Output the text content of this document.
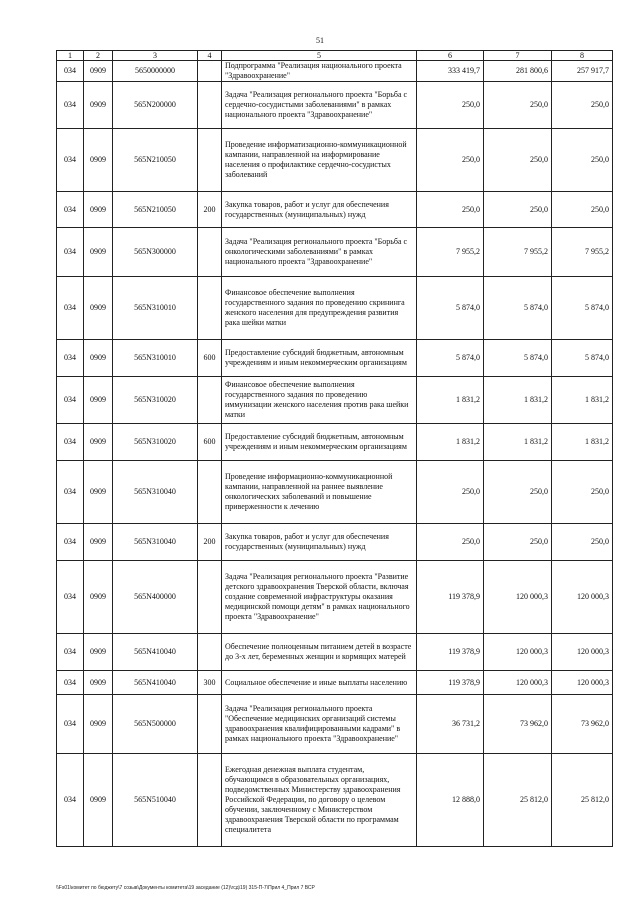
51
1	2	3	4	5	6	7	8
034	0909	5650000000		Подпрограмма "Реализация национального проекта "Здравоохранение"	333 419,7	281 800,6	257 917,7
034	0909	565N200000		Задача "Реализация регионального проекта "Борьба с сердечно-сосудистыми заболеваниями" в рамках национального проекта "Здравоохранение"	250,0	250,0	250,0
034	0909	565N210050		Проведение информатизационно-коммуникационной кампании, направленной на информирование населения о профилактике сердечно-сосудистых заболеваний	250,0	250,0	250,0
034	0909	565N210050	200	Закупка товаров, работ и услуг для обеспечения государственных (муниципальных) нужд	250,0	250,0	250,0
034	0909	565N300000		Задача "Реализация регионального проекта "Борьба с онкологическими заболеваниями" в рамках национального проекта "Здравоохранение"	7 955,2	7 955,2	7 955,2
034	0909	565N310010		Финансовое обеспечение выполнения государственного задания по проведению скрининга женского населения для предупреждения развития рака шейки матки	5 874,0	5 874,0	5 874,0
034	0909	565N310010	600	Предоставление субсидий бюджетным, автономным учреждениям и иным некоммерческим организациям	5 874,0	5 874,0	5 874,0
034	0909	565N310020		Финансовое обеспечение выполнения государственного задания по проведению иммунизации женского населения против рака шейки матки	1 831,2	1 831,2	1 831,2
034	0909	565N310020	600	Предоставление субсидий бюджетным, автономным учреждениям и иным некоммерческим организациям	1 831,2	1 831,2	1 831,2
034	0909	565N310040		Проведение информационно-коммуникационной кампании, направленной на раннее выявление онкологических заболеваний и повышение приверженности к лечению	250,0	250,0	250,0
034	0909	565N310040	200	Закупка товаров, работ и услуг для обеспечения государственных (муниципальных) нужд	250,0	250,0	250,0
034	0909	565N400000		Задача "Реализация регионального проекта "Развитие детского здравоохранения Тверской области, включая создание современной инфраструктуры оказания медицинской помощи детям" в рамках национального проекта "Здравоохранение"	119 378,9	120 000,3	120 000,3
034	0909	565N410040		Обеспечение полноценным питанием детей в возрасте до 3-х лет, беременных женщин и кормящих матерей	119 378,9	120 000,3	120 000,3
034	0909	565N410040	300	Социальное обеспечение и иные выплаты населению	119 378,9	120 000,3	120 000,3
034	0909	565N500000		Задача "Реализация регионального проекта "Обеспечение медицинских организаций системы здравоохранения квалифицированными кадрами" в рамках национального проекта "Здравоохранение"	36 731,2	73 962,0	73 962,0
034	0909	565N510040		Ежегодная денежная выплата студентам, обучающимся в образовательных организациях, подведомственных Министерству здравоохранения Российской Федерации, по договору о целевом обучении, заключенному с Министерством здравоохранения Тверской области по программам специалитета	12 888,0	25 812,0	25 812,0
\\Fs01\комитет по бюджету\7 созыв\Документы комитета\19 заседание (12)\гсд\19) 315-П-7\Прил 4_Прил 7 ВСР
